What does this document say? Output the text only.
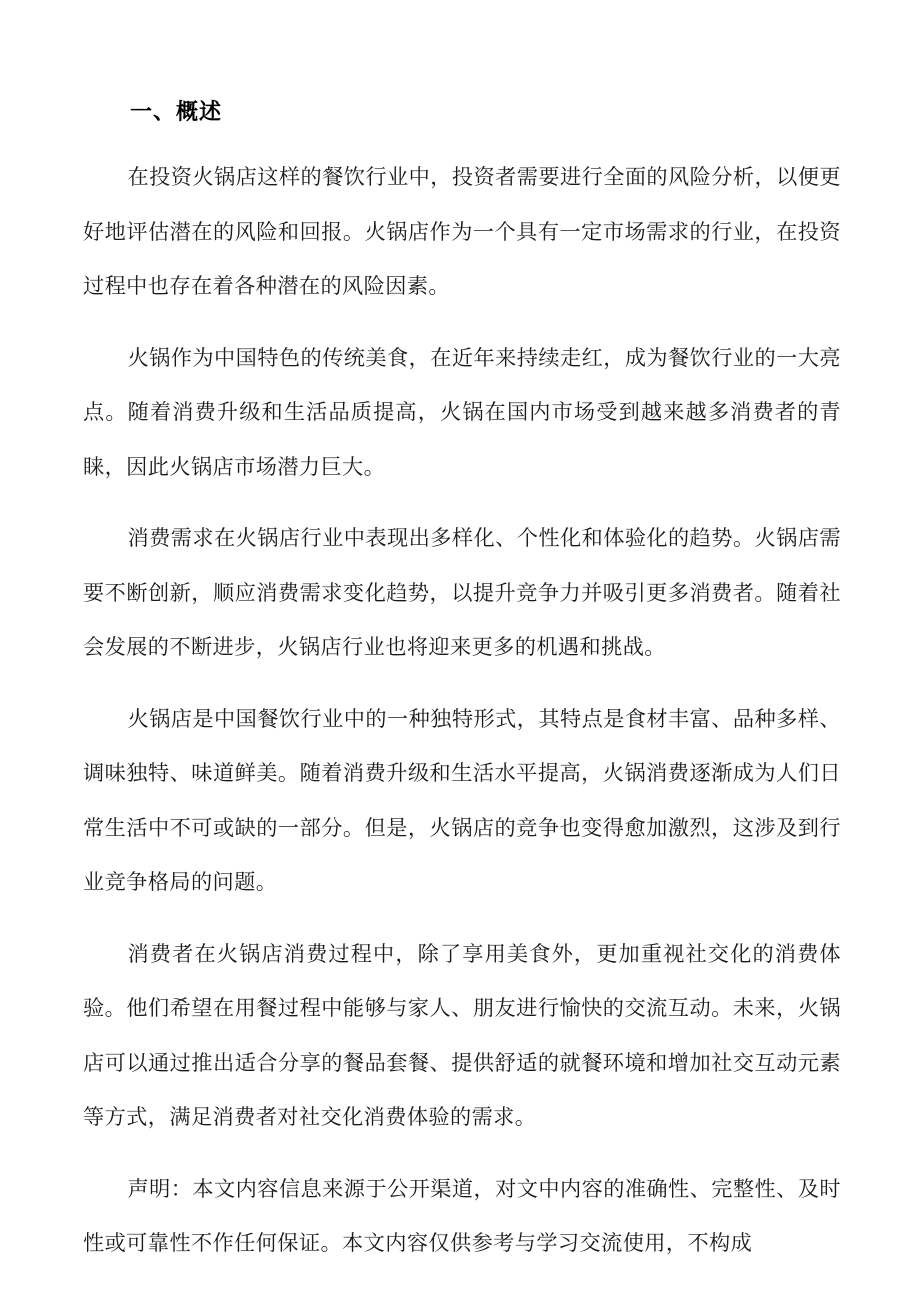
一、概述

在投资火锅店这样的餐饮行业中，投资者需要进行全面的风险分析，以便更好地评估潜在的风险和回报。火锅店作为一个具有一定市场需求的行业，在投资过程中也存在着各种潜在的风险因素。

火锅作为中国特色的传统美食，在近年来持续走红，成为餐饮行业的一大亮点。随着消费升级和生活品质提高，火锅在国内市场受到越来越多消费者的青睐，因此火锅店市场潜力巨大。

消费需求在火锅店行业中表现出多样化、个性化和体验化的趋势。火锅店需要不断创新，顺应消费需求变化趋势，以提升竞争力并吸引更多消费者。随着社会发展的不断进步，火锅店行业也将迎来更多的机遇和挑战。

火锅店是中国餐饮行业中的一种独特形式，其特点是食材丰富、品种多样、调味独特、味道鲜美。随着消费升级和生活水平提高，火锅消费逐渐成为人们日常生活中不可或缺的一部分。但是，火锅店的竞争也变得愈加激烈，这涉及到行业竞争格局的问题。

消费者在火锅店消费过程中，除了享用美食外，更加重视社交化的消费体验。他们希望在用餐过程中能够与家人、朋友进行愉快的交流互动。未来，火锅店可以通过推出适合分享的餐品套餐、提供舒适的就餐环境和增加社交互动元素等方式，满足消费者对社交化消费体验的需求。

声明：本文内容信息来源于公开渠道，对文中内容的准确性、完整性、及时性或可靠性不作任何保证。本文内容仅供参考与学习交流使用，不构成
